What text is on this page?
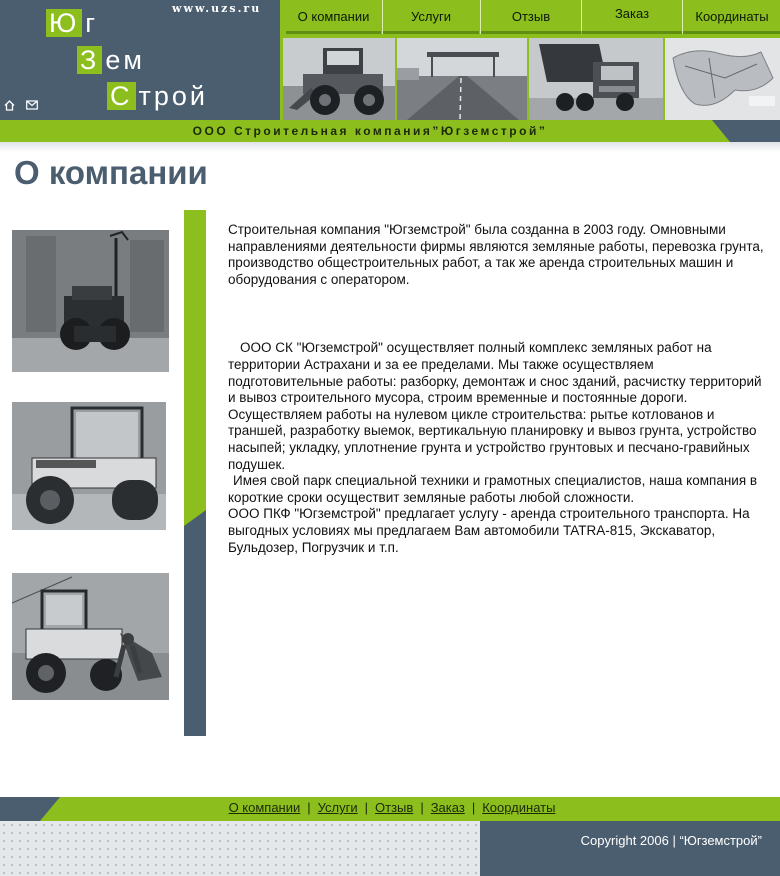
www.uzs.ru
Ю г
З ем
С трой
О компании	Услуги	Отзыв	Заказ	Координаты
ООО Строительная компания”Югземстрой”
О компании

Строительная компания "Югземстрой" была созданна в 2003 году. Омновными направлениями деятельности фирмы являются земляные работы, перевозка грунта, производство общестроительных работ, а так же аренда строительных машин и оборудования с оператором.

ООО СК "Югземстрой" осуществляет полный комплекс земляных работ на территории Астрахани и за ее пределами. Мы также осуществляем подготовительные работы: разборку, демонтаж и снос зданий, расчистку территорий и вывоз строительного мусора, строим временные и постоянные дороги. Осуществляем работы на нулевом цикле строительства: рытье котлованов и траншей, разработку выемок, вертикальную планировку и вывоз грунта, устройство насыпей; укладку, уплотнение грунта и устройство грунтовых и песчано-гравийных подушек.

Имея свой парк специальной техники и грамотных специалистов, наша компания в короткие сроки осуществит земляные работы любой сложности.

ООО ПКФ "Югземстрой" предлагает услугу - аренда строительного транспорта. На выгодных условиях мы предлагаем Вам автомобили TATRA-815, Экскаватор, Бульдозер, Погрузчик и т.п.

О компании | Услуги | Отзыв | Заказ | Координаты
Copyright 2006 | “Югземстрой”
